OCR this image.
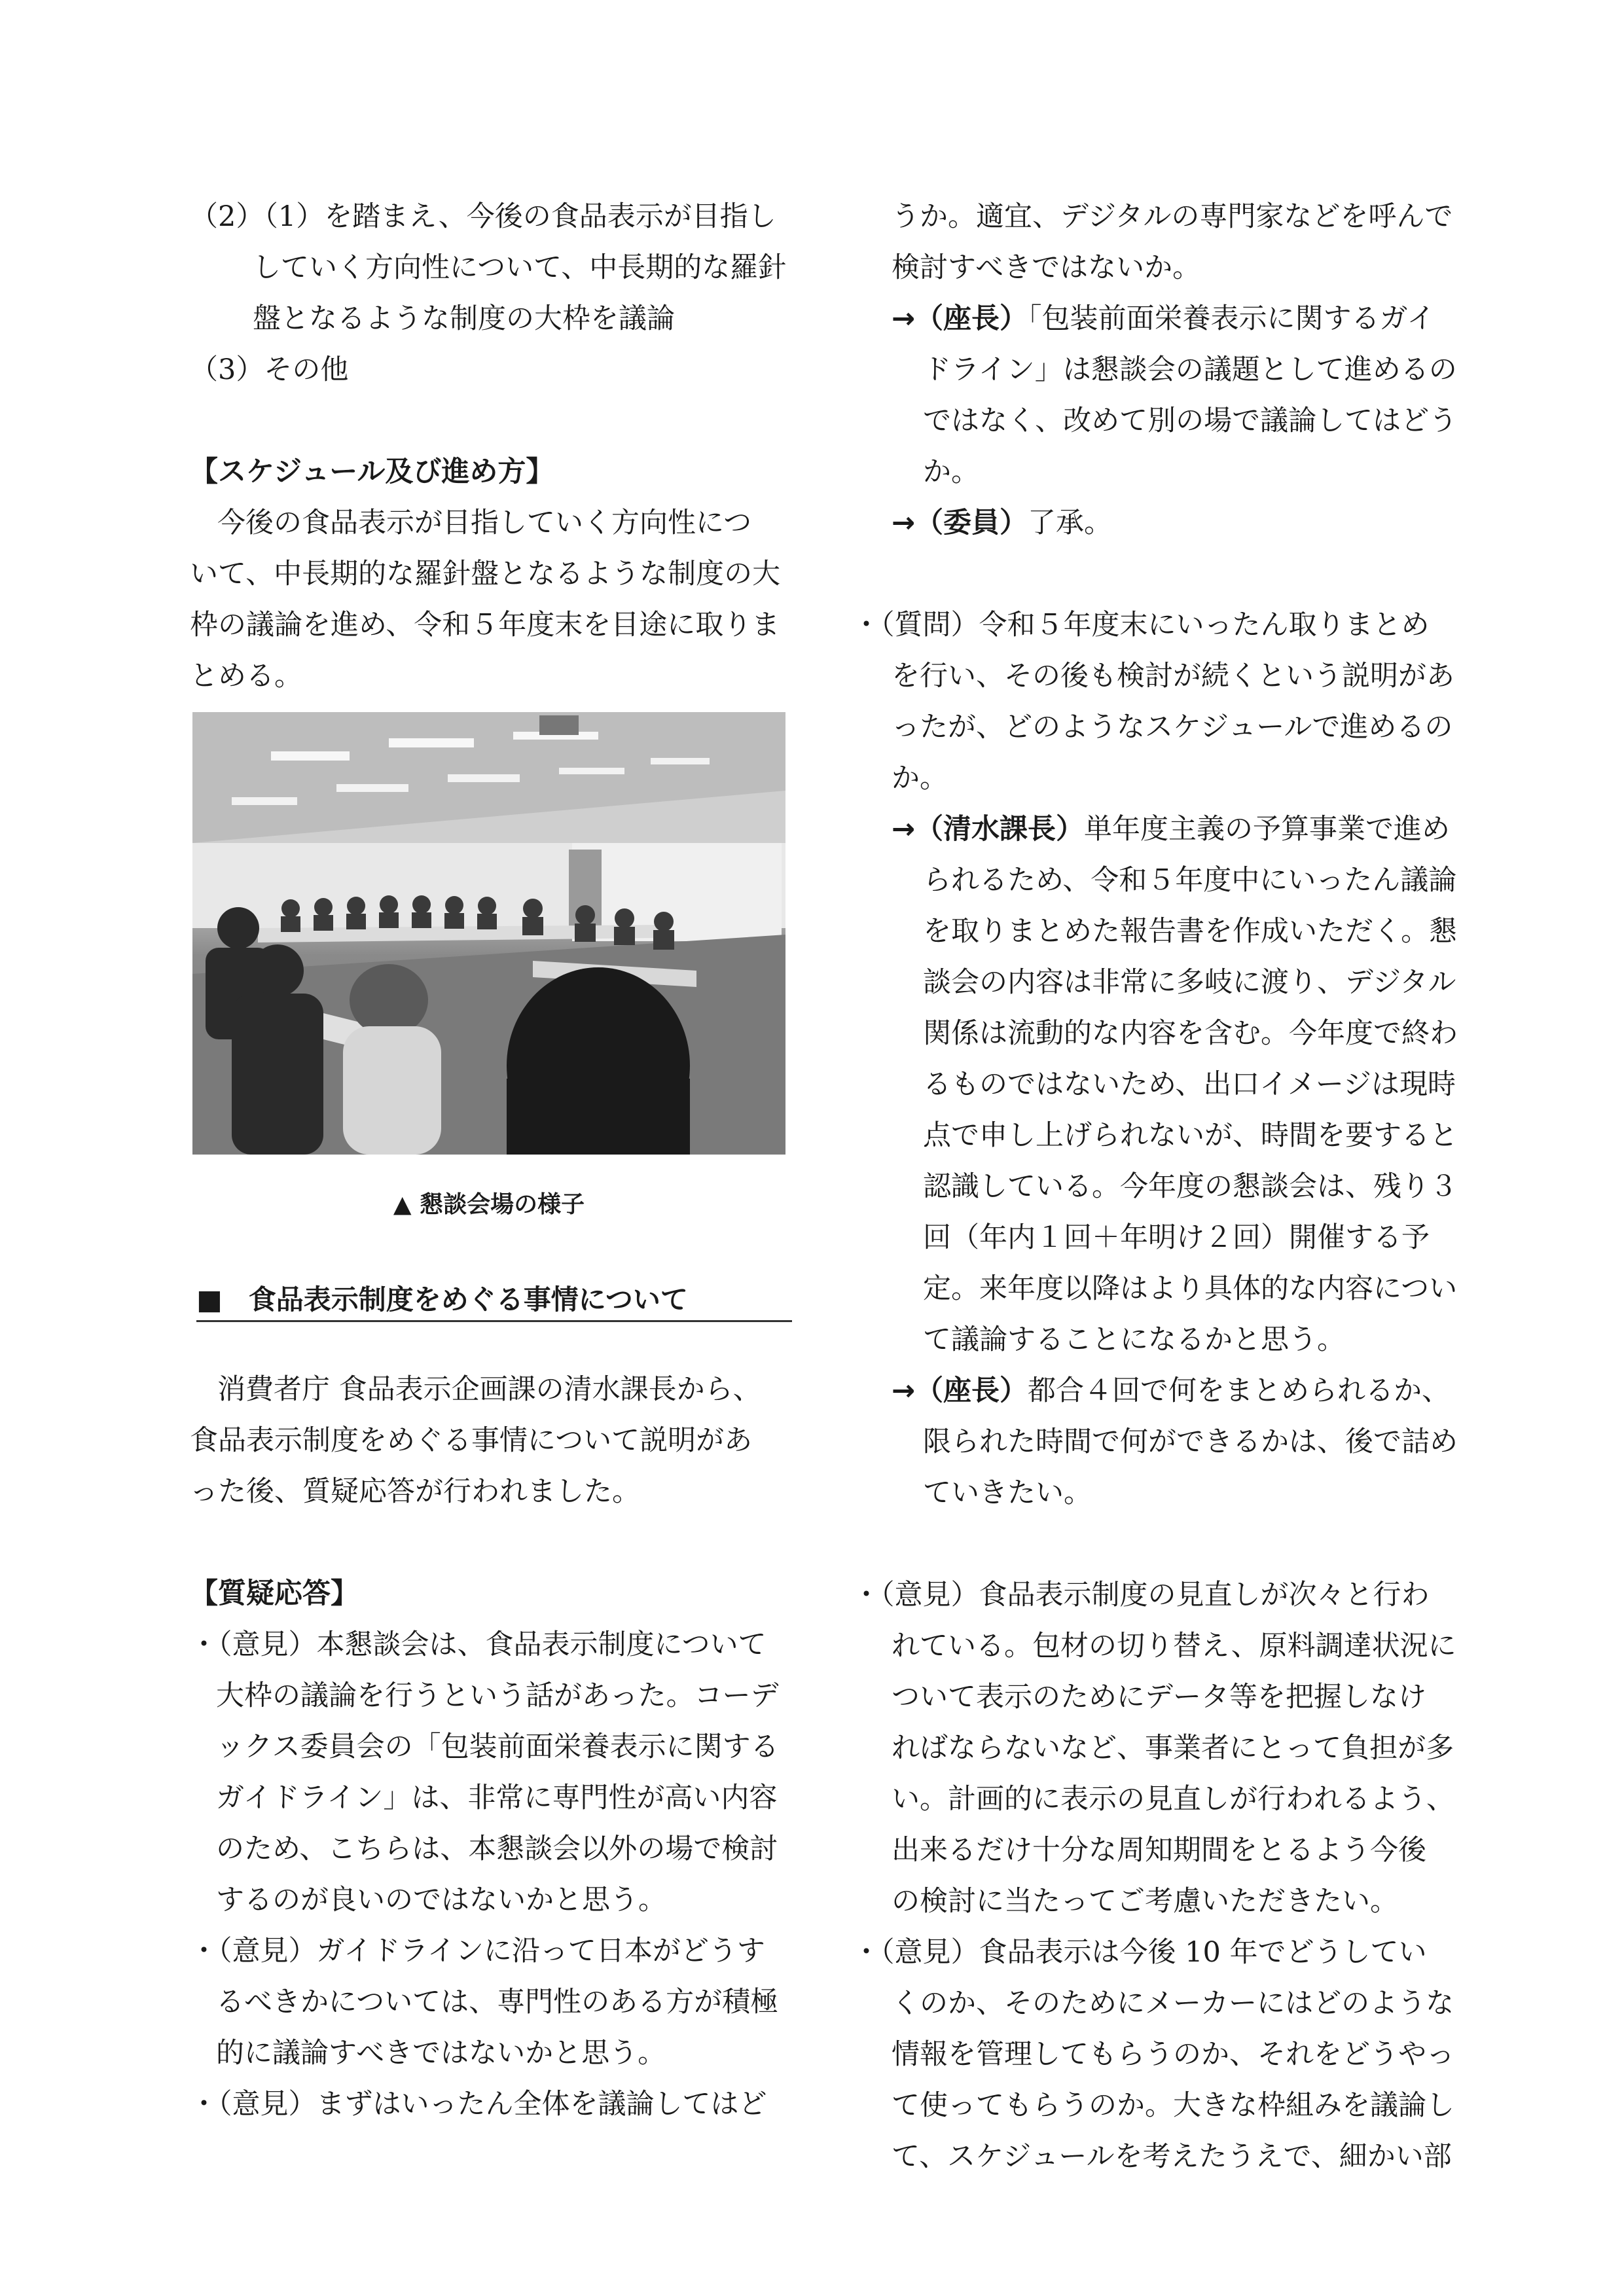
（2）（1）を踏まえ、今後の食品表示が目指し
していく方向性について、中長期的な羅針
盤となるような制度の大枠を議論
（3）その他
【スケジュール及び進め方】
今後の食品表示が目指していく方向性につ
いて、中長期的な羅針盤となるような制度の大
枠の議論を進め、令和５年度末を目途に取りま
とめる。
▲ 懇談会場の様子
■ 食品表示制度をめぐる事情について
消費者庁 食品表示企画課の清水課長から、
食品表示制度をめぐる事情について説明があ
った後、質疑応答が行われました。
【質疑応答】
・（意見）本懇談会は、食品表示制度について
大枠の議論を行うという話があった。コーデ
ックス委員会の「包装前面栄養表示に関する
ガイドライン」は、非常に専門性が高い内容
のため、こちらは、本懇談会以外の場で検討
するのが良いのではないかと思う。
・（意見）ガイドラインに沿って日本がどうす
るべきかについては、専門性のある方が積極
的に議論すべきではないかと思う。
・（意見）まずはいったん全体を議論してはど
うか。適宜、デジタルの専門家などを呼んで
検討すべきではないか。
→（座長）「包装前面栄養表示に関するガイ
ドライン」は懇談会の議題として進めるの
ではなく、改めて別の場で議論してはどう
か。
→（委員）了承。
・（質問）令和５年度末にいったん取りまとめ
を行い、その後も検討が続くという説明があ
ったが、どのようなスケジュールで進めるの
か。
→（清水課長）単年度主義の予算事業で進め
られるため、令和５年度中にいったん議論
を取りまとめた報告書を作成いただく。懇
談会の内容は非常に多岐に渡り、デジタル
関係は流動的な内容を含む。今年度で終わ
るものではないため、出口イメージは現時
点で申し上げられないが、時間を要すると
認識している。今年度の懇談会は、残り３
回（年内１回＋年明け２回）開催する予
定。来年度以降はより具体的な内容につい
て議論することになるかと思う。
→（座長）都合４回で何をまとめられるか、
限られた時間で何ができるかは、後で詰め
ていきたい。
・（意見）食品表示制度の見直しが次々と行わ
れている。包材の切り替え、原料調達状況に
ついて表示のためにデータ等を把握しなけ
ればならないなど、事業者にとって負担が多
い。計画的に表示の見直しが行われるよう、
出来るだけ十分な周知期間をとるよう今後
の検討に当たってご考慮いただきたい。
・（意見）食品表示は今後 10 年でどうしてい
くのか、そのためにメーカーにはどのような
情報を管理してもらうのか、それをどうやっ
て使ってもらうのか。大きな枠組みを議論し
て、スケジュールを考えたうえで、細かい部
